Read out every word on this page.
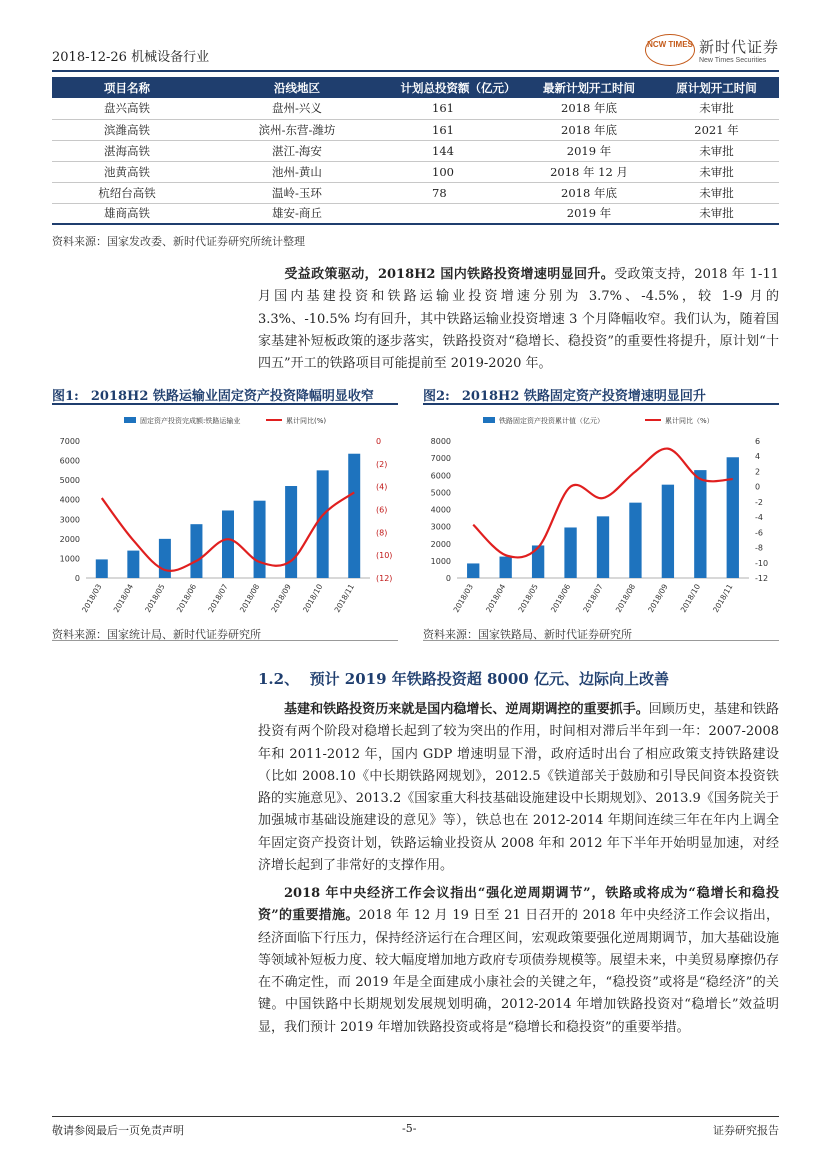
2018-12-26 机械设备行业
NCW TIMES 新时代证券
New Times Securities
项目名称	沿线地区	计划总投资额（亿元）	最新计划开工时间	原计划开工时间
盘兴高铁	盘州-兴义	161	2018 年底	未审批
滨潍高铁	滨州-东营-潍坊	161	2018 年底	2021 年
湛海高铁	湛江-海安	144	2019 年	未审批
池黄高铁	池州-黄山	100	2018 年 12 月	未审批
杭绍台高铁	温岭-玉环	78	2018 年底	未审批
雄商高铁	雄安-商丘		2019 年	未审批
资料来源：国家发改委、新时代证券研究所统计整理
受益政策驱动，2018H2 国内铁路投资增速明显回升。受政策支持，2018 年 1-11 月国内基建投资和铁路运输业投资增速分别为 3.7%、-4.5%，较 1-9 月的 3.3%、-10.5% 均有回升，其中铁路运输业投资增速 3 个月降幅收窄。我们认为，随着国家基建补短板政策的逐步落实，铁路投资对“稳增长、稳投资”的重要性将提升，原计划“十四五”开工的铁路项目可能提前至 2019-2020 年。
图1: 2018H2 铁路运输业固定资产投资降幅明显收窄	图2: 2018H2 铁路固定资产投资增速明显回升
固定资产投资完成额:铁路运输业	累计同比(%)
7000
6000
5000
4000
3000
2000
1000
0
0
(2)
(4)
(6)
(8)
(10)
(12)
2018/03 2018/04 2018/05 2018/06 2018/07 2018/08 2018/09 2018/10 2018/11
铁路固定资产投资累计值（亿元）	累计同比（%）
8000
7000
6000
5000
4000
3000
2000
1000
0
6
4
2
0
-2
-4
-6
-8
-10
-12
2018/03 2018/04 2018/05 2018/06 2018/07 2018/08 2018/09 2018/10 2018/11
资料来源：国家统计局、新时代证券研究所	资料来源：国家铁路局、新时代证券研究所
1.2、 预计 2019 年铁路投资超 8000 亿元、边际向上改善
基建和铁路投资历来就是国内稳增长、逆周期调控的重要抓手。回顾历史，基建和铁路投资有两个阶段对稳增长起到了较为突出的作用，时间相对滞后半年到一年：2007-2008 年和 2011-2012 年，国内 GDP 增速明显下滑，政府适时出台了相应政策支持铁路建设（比如 2008.10《中长期铁路网规划》，2012.5《铁道部关于鼓励和引导民间资本投资铁路的实施意见》、2013.2《国家重大科技基础设施建设中长期规划》、2013.9《国务院关于加强城市基础设施建设的意见》等），铁总也在 2012-2014 年期间连续三年在年内上调全年固定资产投资计划，铁路运输业投资从 2008 年和 2012 年下半年开始明显加速，对经济增长起到了非常好的支撑作用。
2018 年中央经济工作会议指出“强化逆周期调节”，铁路或将成为“稳增长和稳投资”的重要措施。2018 年 12 月 19 日至 21 日召开的 2018 年中央经济工作会议指出，经济面临下行压力，保持经济运行在合理区间，宏观政策要强化逆周期调节，加大基础设施等领域补短板力度、较大幅度增加地方政府专项债券规模等。展望未来，中美贸易摩擦仍存在不确定性，而 2019 年是全面建成小康社会的关键之年，“稳投资”或将是“稳经济”的关键。中国铁路中长期规划发展规划明确，2012-2014 年增加铁路投资对“稳增长”效益明显，我们预计 2019 年增加铁路投资或将是“稳增长和稳投资”的重要举措。
敬请参阅最后一页免责声明	-5-	证券研究报告
